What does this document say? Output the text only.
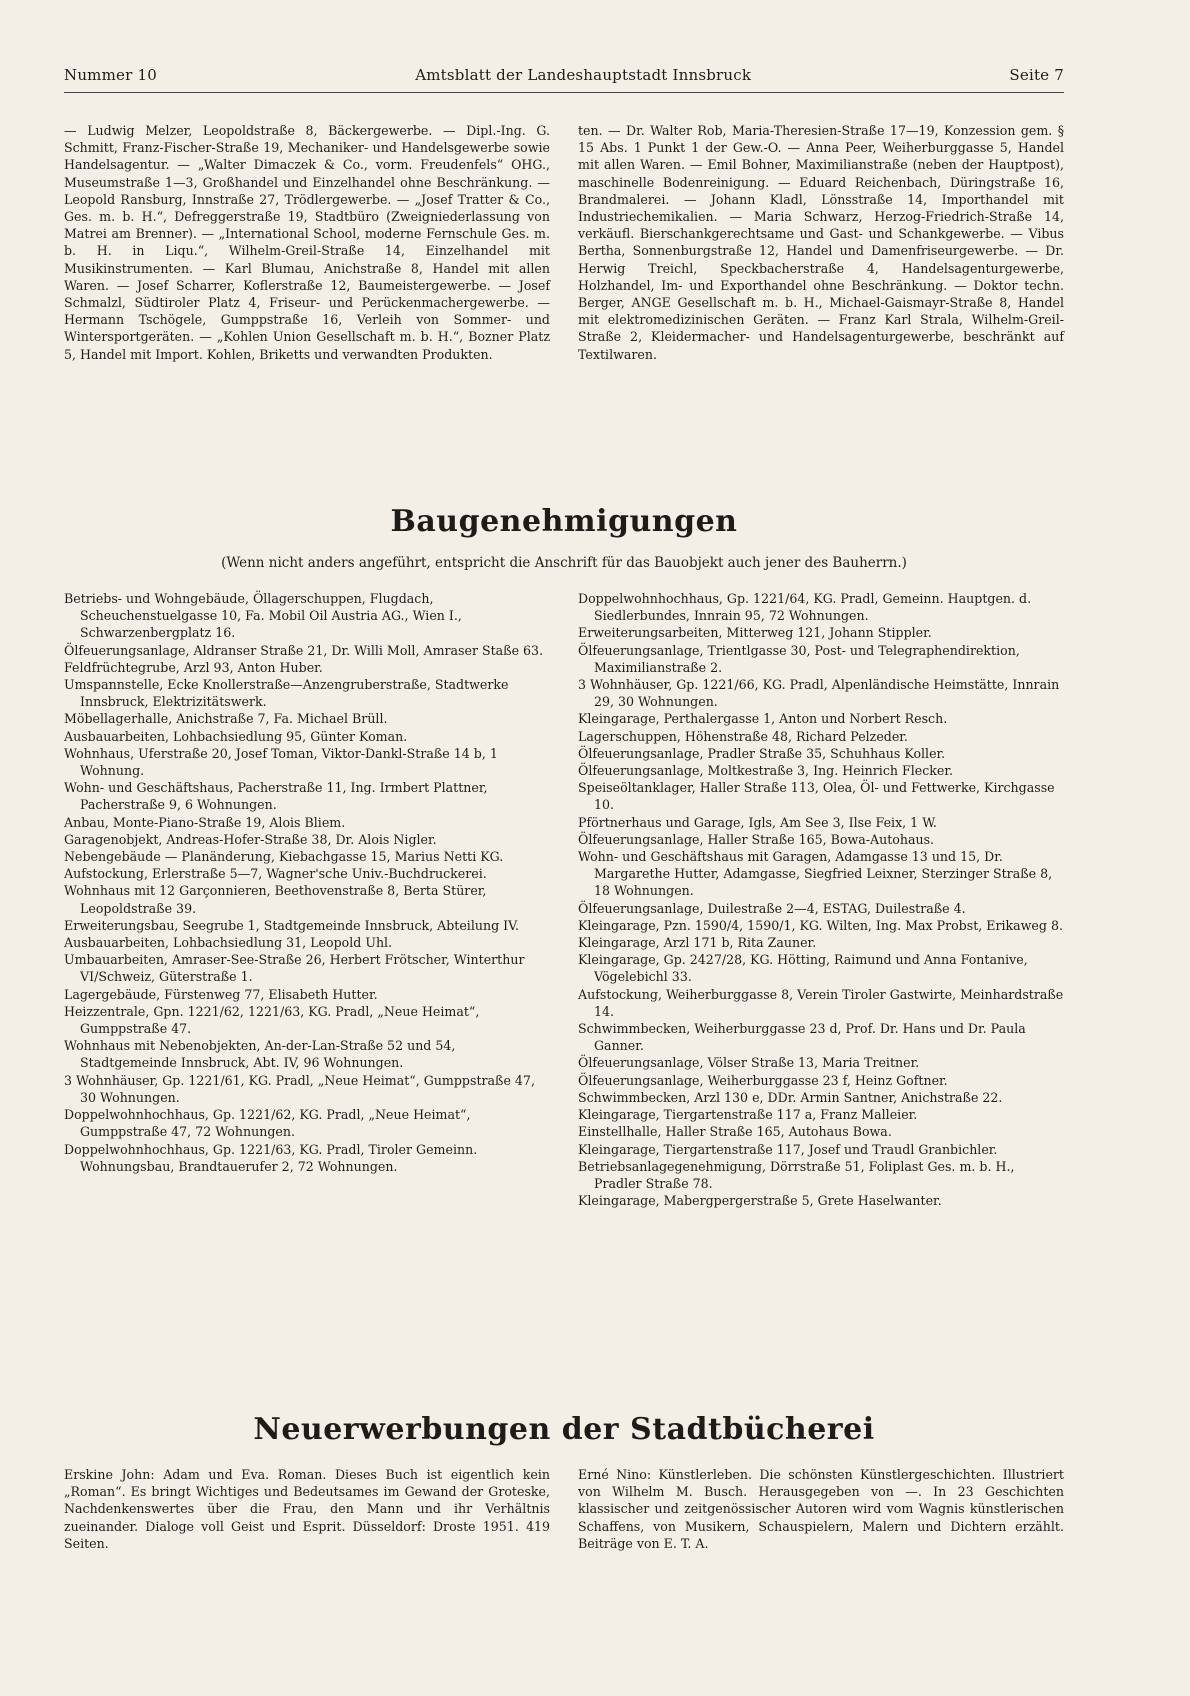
Nummer 10	Amtsblatt der Landeshauptstadt Innsbruck	Seite 7

— Ludwig Melzer, Leopoldstraße 8, Bäckergewerbe. — Dipl.-Ing. G. Schmitt, Franz-Fischer-Straße 19, Mechaniker- und Handelsgewerbe sowie Handelsagentur. — „Walter Dimaczek & Co., vorm. Freudenfels“ OHG., Museumstraße 1—3, Großhandel und Einzelhandel ohne Beschränkung. — Leopold Ransburg, Innstraße 27, Trödlergewerbe. — „Josef Tratter & Co., Ges. m. b. H.“, Defreggerstraße 19, Stadtbüro (Zweigniederlassung von Matrei am Brenner). — „International School, moderne Fernschule Ges. m. b. H. in Liqu.“, Wilhelm-Greil-Straße 14, Einzelhandel mit Musikinstrumenten. — Karl Blumau, Anichstraße 8, Handel mit allen Waren. — Josef Scharrer, Koflerstraße 12, Baumeistergewerbe. — Josef Schmalzl, Südtiroler Platz 4, Friseur- und Perückenmachergewerbe. — Hermann Tschögele, Gumppstraße 16, Verleih von Sommer- und Wintersportgeräten. — „Kohlen Union Gesellschaft m. b. H.“, Bozner Platz 5, Handel mit Import. Kohlen, Briketts und verwandten Produkten.

ten. — Dr. Walter Rob, Maria-Theresien-Straße 17—19, Konzession gem. § 15 Abs. 1 Punkt 1 der Gew.-O. — Anna Peer, Weiherburggasse 5, Handel mit allen Waren. — Emil Bohner, Maximilianstraße (neben der Hauptpost), maschinelle Bodenreinigung. — Eduard Reichenbach, Düringstraße 16, Brandmalerei. — Johann Kladl, Lönsstraße 14, Importhandel mit Industriechemikalien. — Maria Schwarz, Herzog-Friedrich-Straße 14, verkäufl. Bierschankgerechtsame und Gast- und Schankgewerbe. — Vibus Bertha, Sonnenburgstraße 12, Handel und Damenfriseurgewerbe. — Dr. Herwig Treichl, Speckbacherstraße 4, Handelsagenturgewerbe, Holzhandel, Im- und Exporthandel ohne Beschränkung. — Doktor techn. Berger, ANGE Gesellschaft m. b. H., Michael-Gaismayr-Straße 8, Handel mit elektromedizinischen Geräten. — Franz Karl Strala, Wilhelm-Greil-Straße 2, Kleidermacher- und Handelsagenturgewerbe, beschränkt auf Textilwaren.

Baugenehmigungen
(Wenn nicht anders angeführt, entspricht die Anschrift für das Bauobjekt auch jener des Bauherrn.)

Betriebs- und Wohngebäude, Öllagerschuppen, Flugdach, Scheuchenstuelgasse 10, Fa. Mobil Oil Austria AG., Wien I., Schwarzenbergplatz 16.

Ölfeuerungsanlage, Aldranser Straße 21, Dr. Willi Moll, Amraser Staße 63.

Feldfrüchtegrube, Arzl 93, Anton Huber.

Umspannstelle, Ecke Knollerstraße—Anzengruberstraße, Stadtwerke Innsbruck, Elektrizitätswerk.

Möbellagerhalle, Anichstraße 7, Fa. Michael Brüll.

Ausbauarbeiten, Lohbachsiedlung 95, Günter Koman.

Wohnhaus, Uferstraße 20, Josef Toman, Viktor-Dankl-Straße 14 b, 1 Wohnung.

Wohn- und Geschäftshaus, Pacherstraße 11, Ing. Irmbert Plattner, Pacherstraße 9, 6 Wohnungen.

Anbau, Monte-Piano-Straße 19, Alois Bliem.

Garagenobjekt, Andreas-Hofer-Straße 38, Dr. Alois Nigler.

Nebengebäude — Planänderung, Kiebachgasse 15, Marius Netti KG.

Aufstockung, Erlerstraße 5—7, Wagner'sche Univ.-Buchdruckerei.

Wohnhaus mit 12 Garçonnieren, Beethovenstraße 8, Berta Stürer, Leopoldstraße 39.

Erweiterungsbau, Seegrube 1, Stadtgemeinde Innsbruck, Abteilung IV.

Ausbauarbeiten, Lohbachsiedlung 31, Leopold Uhl.

Umbauarbeiten, Amraser-See-Straße 26, Herbert Frötscher, Winterthur VI/Schweiz, Güterstraße 1.

Lagergebäude, Fürstenweg 77, Elisabeth Hutter.

Heizzentrale, Gpn. 1221/62, 1221/63, KG. Pradl, „Neue Heimat“, Gumppstraße 47.

Wohnhaus mit Nebenobjekten, An-der-Lan-Straße 52 und 54, Stadtgemeinde Innsbruck, Abt. IV, 96 Wohnungen.

3 Wohnhäuser, Gp. 1221/61, KG. Pradl, „Neue Heimat“, Gumppstraße 47, 30 Wohnungen.

Doppelwohnhochhaus, Gp. 1221/62, KG. Pradl, „Neue Heimat“, Gumppstraße 47, 72 Wohnungen.

Doppelwohnhochhaus, Gp. 1221/63, KG. Pradl, Tiroler Gemeinn. Wohnungsbau, Brandtauerufer 2, 72 Wohnungen.

Doppelwohnhochhaus, Gp. 1221/64, KG. Pradl, Gemeinn. Hauptgen. d. Siedlerbundes, Innrain 95, 72 Wohnungen.

Erweiterungsarbeiten, Mitterweg 121, Johann Stippler.

Ölfeuerungsanlage, Trientlgasse 30, Post- und Telegraphendirektion, Maximilianstraße 2.

3 Wohnhäuser, Gp. 1221/66, KG. Pradl, Alpenländische Heimstätte, Innrain 29, 30 Wohnungen.

Kleingarage, Perthalergasse 1, Anton und Norbert Resch.

Lagerschuppen, Höhenstraße 48, Richard Pelzeder.

Ölfeuerungsanlage, Pradler Straße 35, Schuhhaus Koller.

Ölfeuerungsanlage, Moltkestraße 3, Ing. Heinrich Flecker.

Speiseöltanklager, Haller Straße 113, Olea, Öl- und Fettwerke, Kirchgasse 10.

Pförtnerhaus und Garage, Igls, Am See 3, Ilse Feix, 1 W.

Ölfeuerungsanlage, Haller Straße 165, Bowa-Autohaus.

Wohn- und Geschäftshaus mit Garagen, Adamgasse 13 und 15, Dr. Margarethe Hutter, Adamgasse, Siegfried Leixner, Sterzinger Straße 8, 18 Wohnungen.

Ölfeuerungsanlage, Duilestraße 2—4, ESTAG, Duilestraße 4.

Kleingarage, Pzn. 1590/4, 1590/1, KG. Wilten, Ing. Max Probst, Erikaweg 8.

Kleingarage, Arzl 171 b, Rita Zauner.

Kleingarage, Gp. 2427/28, KG. Hötting, Raimund und Anna Fontanive, Vögelebichl 33.

Aufstockung, Weiherburggasse 8, Verein Tiroler Gastwirte, Meinhardstraße 14.

Schwimmbecken, Weiherburggasse 23 d, Prof. Dr. Hans und Dr. Paula Ganner.

Ölfeuerungsanlage, Völser Straße 13, Maria Treitner.

Ölfeuerungsanlage, Weiherburggasse 23 f, Heinz Goftner.

Schwimmbecken, Arzl 130 e, DDr. Armin Santner, Anichstraße 22.

Kleingarage, Tiergartenstraße 117 a, Franz Malleier.

Einstellhalle, Haller Straße 165, Autohaus Bowa.

Kleingarage, Tiergartenstraße 117, Josef und Traudl Granbichler.

Betriebsanlagegenehmigung, Dörrstraße 51, Foliplast Ges. m. b. H., Pradler Straße 78.

Kleingarage, Mabergpergerstraße 5, Grete Haselwanter.

Neuerwerbungen der Stadtbücherei

Erskine John: Adam und Eva. Roman. Dieses Buch ist eigentlich kein „Roman“. Es bringt Wichtiges und Bedeutsames im Gewand der Groteske, Nachdenkenswertes über die Frau, den Mann und ihr Verhältnis zueinander. Dialoge voll Geist und Esprit. Düsseldorf: Droste 1951. 419 Seiten.

Erné Nino: Künstlerleben. Die schönsten Künstlergeschichten. Illustriert von Wilhelm M. Busch. Herausgegeben von —. In 23 Geschichten klassischer und zeitgenössischer Autoren wird vom Wagnis künstlerischen Schaffens, von Musikern, Schauspielern, Malern und Dichtern erzählt. Beiträge von E. T. A.
